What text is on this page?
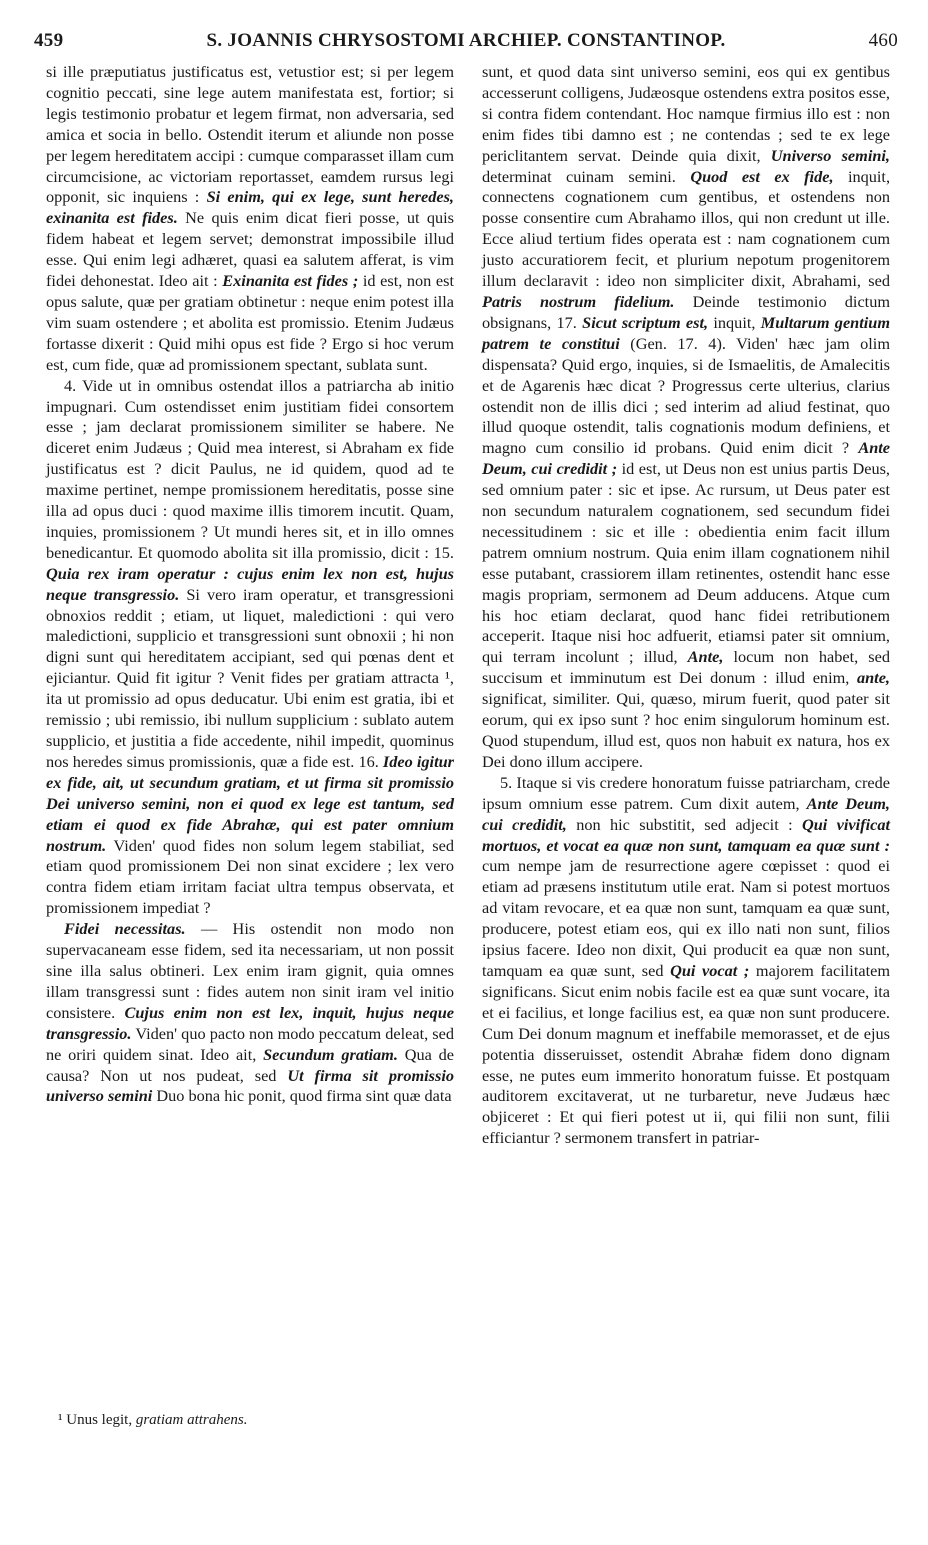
459	S. JOANNIS CHRYSOSTOMI ARCHIEP. CONSTANTINOP.	460

si ille præputiatus justificatus est, vetustior est; si per legem cognitio peccati, sine lege autem manifestata est, fortior; si legis testimonio probatur et legem firmat, non adversaria, sed amica et socia in bello. Ostendit iterum et aliunde non posse per legem hereditatem accipi : cumque comparasset illam cum circumcisione, ac victoriam reportasset, eamdem rursus legi opponit, sic inquiens : Si enim, qui ex lege, sunt heredes, exinanita est fides. Ne quis enim dicat fieri posse, ut quis fidem habeat et legem servet; demonstrat impossibile illud esse. Qui enim legi adhæret, quasi ea salutem afferat, is vim fidei dehonestat. Ideo ait : Exinanita est fides ; id est, non est opus salute, quæ per gratiam obtinetur : neque enim potest illa vim suam ostendere ; et abolita est promissio. Etenim Judæus fortasse dixerit : Quid mihi opus est fide ? Ergo si hoc verum est, cum fide, quæ ad promissionem spectant, sublata sunt.

4. Vide ut in omnibus ostendat illos a patriarcha ab initio impugnari. Cum ostendisset enim justitiam fidei consortem esse ; jam declarat promissionem similiter se habere. Ne diceret enim Judæus ; Quid mea interest, si Abraham ex fide justificatus est ? dicit Paulus, ne id quidem, quod ad te maxime pertinet, nempe promissionem hereditatis, posse sine illa ad opus duci : quod maxime illis timorem incutit. Quam, inquies, promissionem ? Ut mundi heres sit, et in illo omnes benedicantur. Et quomodo abolita sit illa promissio, dicit : 15. Quia rex iram operatur : cujus enim lex non est, hujus neque transgressio. Si vero iram operatur, et transgressioni obnoxios reddit ; etiam, ut liquet, maledictioni : qui vero maledictioni, supplicio et transgressioni sunt obnoxii ; hi non digni sunt qui hereditatem accipiant, sed qui pœnas dent et ejiciantur. Quid fit igitur ? Venit fides per gratiam attracta ¹, ita ut promissio ad opus deducatur. Ubi enim est gratia, ibi et remissio ; ubi remissio, ibi nullum supplicium : sublato autem supplicio, et justitia a fide accedente, nihil impedit, quominus nos heredes simus promissionis, quæ a fide est. 16. Ideo igitur ex fide, ait, ut secundum gratiam, et ut firma sit promissio Dei universo semini, non ei quod ex lege est tantum, sed etiam ei quod ex fide Abrahæ, qui est pater omnium nostrum. Viden' quod fides non solum legem stabiliat, sed etiam quod promissionem Dei non sinat excidere ; lex vero contra fidem etiam irritam faciat ultra tempus observata, et promissionem impediat ?

Fidei necessitas. — His ostendit non modo non supervacaneam esse fidem, sed ita necessariam, ut non possit sine illa salus obtineri. Lex enim iram gignit, quia omnes illam transgressi sunt : fides autem non sinit iram vel initio consistere. Cujus enim non est lex, inquit, hujus neque transgressio. Viden' quo pacto non modo peccatum deleat, sed ne oriri quidem sinat. Ideo ait, Secundum gratiam. Qua de causa? Non ut nos pudeat, sed Ut firma sit promissio universo semini Duo bona hic ponit, quod firma sint quæ data

sunt, et quod data sint universo semini, eos qui ex gentibus accesserunt colligens, Judæosque ostendens extra positos esse, si contra fidem contendant. Hoc namque firmius illo est : non enim fides tibi damno est ; ne contendas ; sed te ex lege periclitantem servat. Deinde quia dixit, Universo semini, determinat cuinam semini. Quod est ex fide, inquit, connectens cognationem cum gentibus, et ostendens non posse consentire cum Abrahamo illos, qui non credunt ut ille. Ecce aliud tertium fides operata est : nam cognationem cum justo accuratiorem fecit, et plurium nepotum progenitorem illum declaravit : ideo non simpliciter dixit, Abrahami, sed Patris nostrum fidelium. Deinde testimonio dictum obsignans, 17. Sicut scriptum est, inquit, Multarum gentium patrem te constitui (Gen. 17. 4). Viden' hæc jam olim dispensata? Quid ergo, inquies, si de Ismaelitis, de Amalecitis et de Agarenis hæc dicat ? Progressus certe ulterius, clarius ostendit non de illis dici ; sed interim ad aliud festinat, quo illud quoque ostendit, talis cognationis modum definiens, et magno cum consilio id probans. Quid enim dicit ? Ante Deum, cui credidit ; id est, ut Deus non est unius partis Deus, sed omnium pater : sic et ipse. Ac rursum, ut Deus pater est non secundum naturalem cognationem, sed secundum fidei necessitudinem : sic et ille : obedientia enim facit illum patrem omnium nostrum. Quia enim illam cognationem nihil esse putabant, crassiorem illam retinentes, ostendit hanc esse magis propriam, sermonem ad Deum adducens. Atque cum his hoc etiam declarat, quod hanc fidei retributionem acceperit. Itaque nisi hoc adfuerit, etiamsi pater sit omnium, qui terram incolunt ; illud, Ante, locum non habet, sed succisum et imminutum est Dei donum : illud enim, ante, significat, similiter. Qui, quæso, mirum fuerit, quod pater sit eorum, qui ex ipso sunt ? hoc enim singulorum hominum est. Quod stupendum, illud est, quos non habuit ex natura, hos ex Dei dono illum accipere.

5. Itaque si vis credere honoratum fuisse patriarcham, crede ipsum omnium esse patrem. Cum dixit autem, Ante Deum, cui credidit, non hic substitit, sed adjecit : Qui vivificat mortuos, et vocat ea quæ non sunt, tamquam ea quæ sunt : cum nempe jam de resurrectione agere cœpisset : quod ei etiam ad præsens institutum utile erat. Nam si potest mortuos ad vitam revocare, et ea quæ non sunt, tamquam ea quæ sunt, producere, potest etiam eos, qui ex illo nati non sunt, filios ipsius facere. Ideo non dixit, Qui producit ea quæ non sunt, tamquam ea quæ sunt, sed Qui vocat ; majorem facilitatem significans. Sicut enim nobis facile est ea quæ sunt vocare, ita et ei facilius, et longe facilius est, ea quæ non sunt producere. Cum Dei donum magnum et ineffabile memorasset, et de ejus potentia disseruisset, ostendit Abrahæ fidem dono dignam esse, ne putes eum immerito honoratum fuisse. Et postquam auditorem excitaverat, ut ne turbaretur, neve Judæus hæc objiceret : Et qui fieri potest ut ii, qui filii non sunt, filii efficiantur ? sermonem transfert in patriar-

¹ Unus legit, gratiam attrahens.
